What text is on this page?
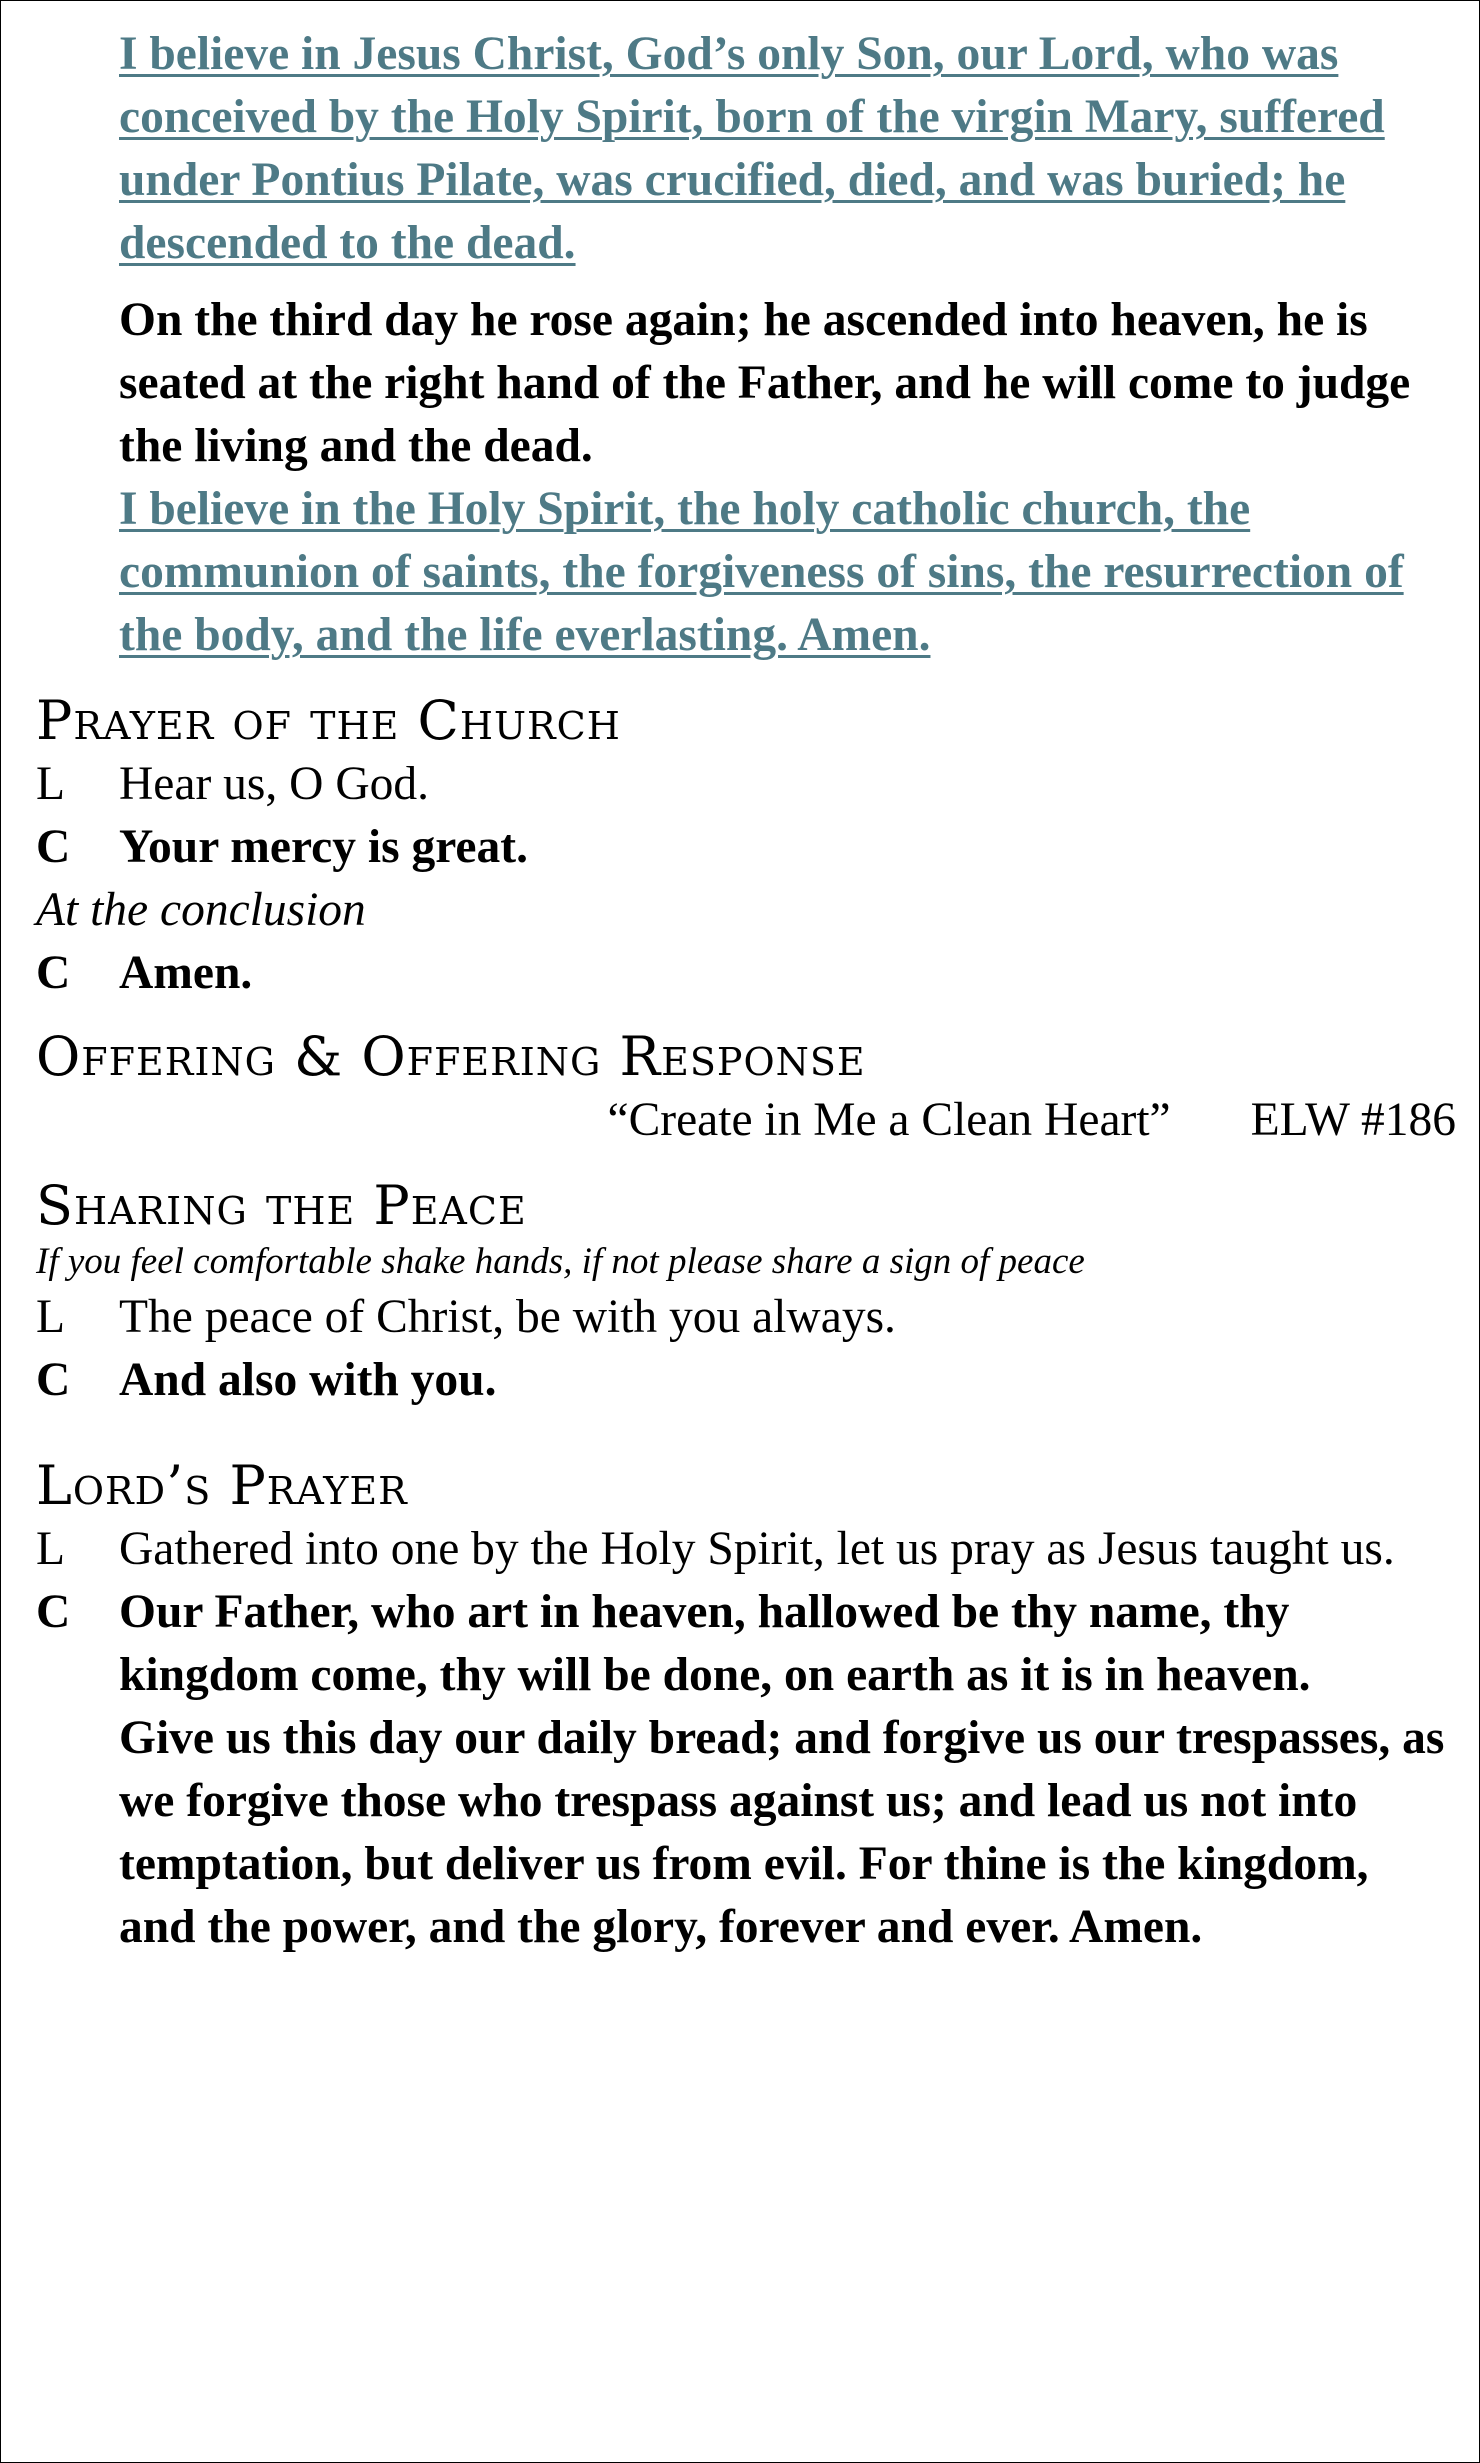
I believe in Jesus Christ, God’s only Son, our Lord, who was conceived by the Holy Spirit, born of the virgin Mary, suffered under Pontius Pilate, was crucified, died, and was buried; he descended to the dead.
On the third day he rose again; he ascended into heaven, he is seated at the right hand of the Father, and he will come to judge the living and the dead.
I believe in the Holy Spirit, the holy catholic church, the communion of saints, the forgiveness of sins, the resurrection of the body, and the life everlasting. Amen.
Prayer of the Church
L	Hear us, O God.
C	Your mercy is great.
At the conclusion
C	Amen.
Offering & Offering Response
“Create in Me a Clean Heart” ELW #186
Sharing the Peace
If you feel comfortable shake hands, if not please share a sign of peace
L	The peace of Christ, be with you always.
C	And also with you.
Lord’s Prayer
L	Gathered into one by the Holy Spirit, let us pray as Jesus taught us.
C	Our Father, who art in heaven, hallowed be thy name, thy kingdom come, thy will be done, on earth as it is in heaven.
Give us this day our daily bread; and forgive us our trespasses, as we forgive those who trespass against us; and lead us not into temptation, but deliver us from evil. For thine is the kingdom, and the power, and the glory, forever and ever. Amen.
